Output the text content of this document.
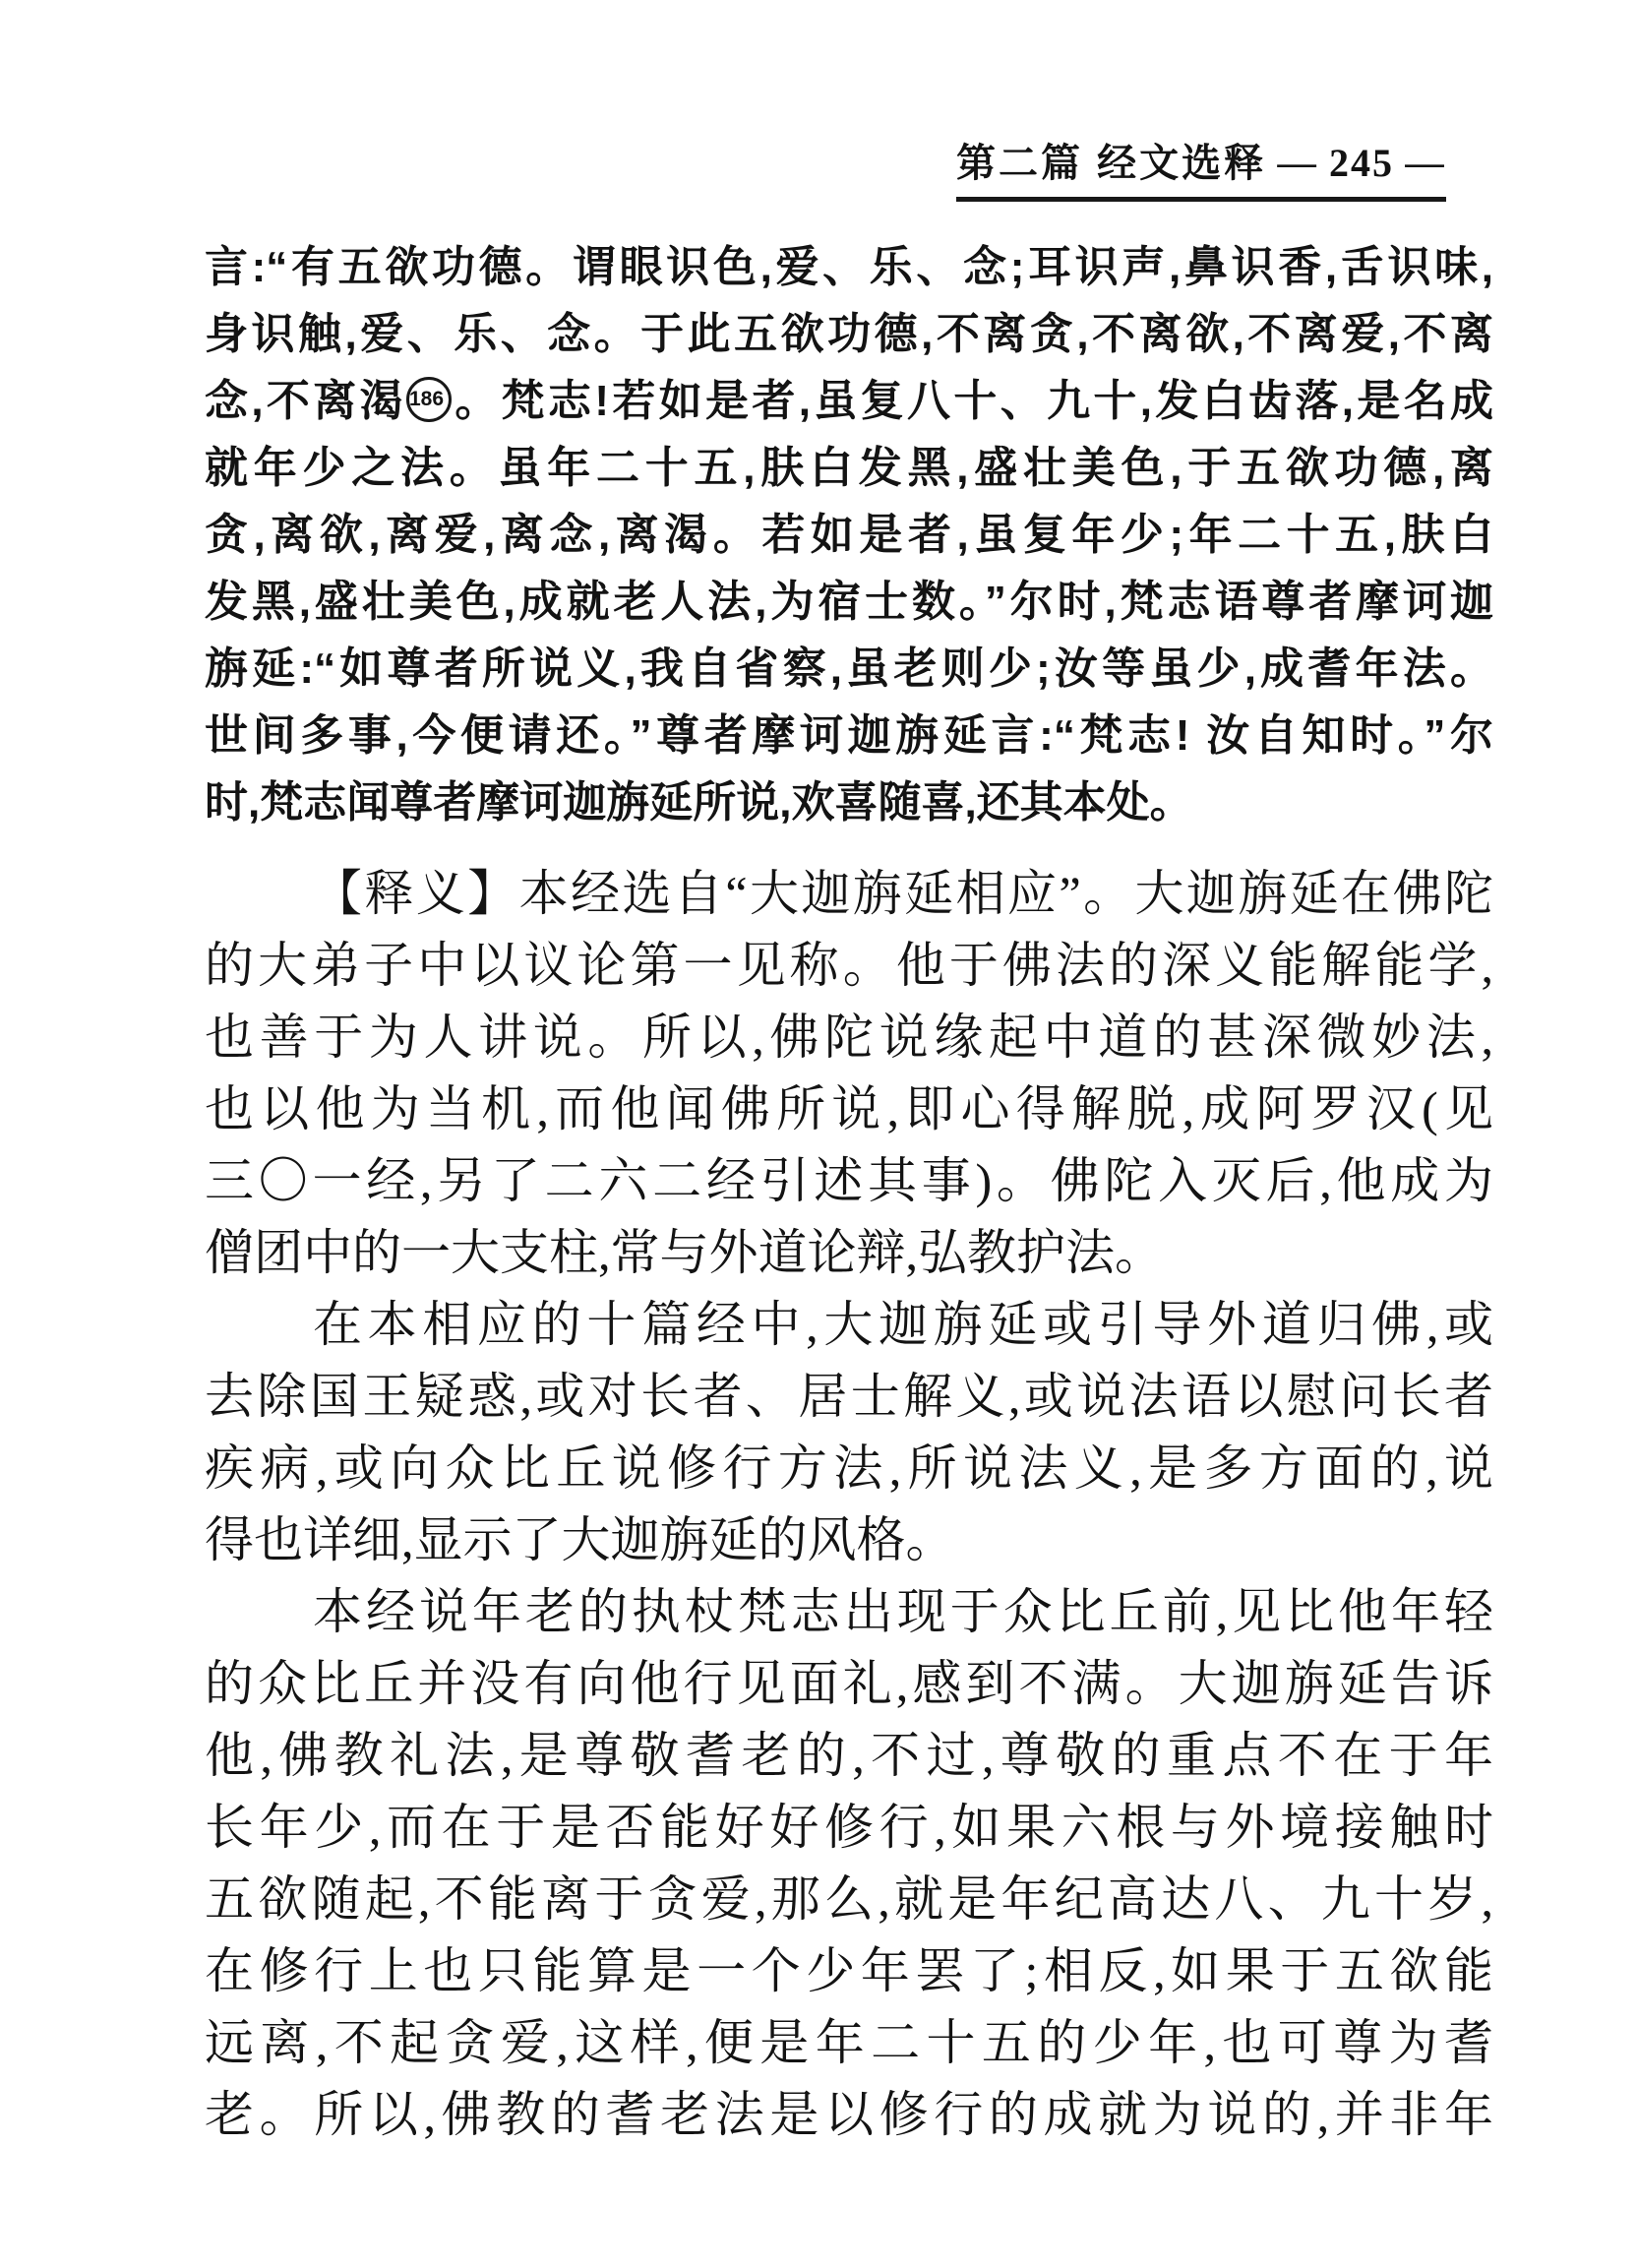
第二篇 经文选释 — 245 —
言:“有五欲功德。谓眼识色,爱、乐、念;耳识声,鼻识香,舌识味,
身识触,爱、乐、念。于此五欲功德,不离贪,不离欲,不离爱,不离
念,不离渴 186 。梵志!若如是者,虽复八十、九十,发白齿落,是名成
就年少之法。虽年二十五,肤白发黑,盛壮美色,于五欲功德,离
贪,离欲,离爱,离念,离渴。若如是者,虽复年少;年二十五,肤白
发黑,盛壮美色,成就老人法,为宿士数。”尔时,梵志语尊者摩诃迦
旃延:“如尊者所说义,我自省察,虽老则少;汝等虽少,成耆年法。
世间多事,今便请还。”尊者摩诃迦旃延言:“梵志! 汝自知时。”尔
时,梵志闻尊者摩诃迦旃延所说,欢喜随喜,还其本处。
【释义】本经选自“大迦旃延相应”。大迦旃延在佛陀
的大弟子中以议论第一见称。他于佛法的深义能解能学,
也善于为人讲说。所以,佛陀说缘起中道的甚深微妙法,
也以他为当机,而他闻佛所说,即心得解脱,成阿罗汉(见
三〇一经,另了二六二经引述其事)。佛陀入灭后,他成为
僧团中的一大支柱,常与外道论辩,弘教护法。
在本相应的十篇经中,大迦旃延或引导外道归佛,或
去除国王疑惑,或对长者、居士解义,或说法语以慰问长者
疾病,或向众比丘说修行方法,所说法义,是多方面的,说
得也详细,显示了大迦旃延的风格。
本经说年老的执杖梵志出现于众比丘前,见比他年轻
的众比丘并没有向他行见面礼,感到不满。大迦旃延告诉
他,佛教礼法,是尊敬耆老的,不过,尊敬的重点不在于年
长年少,而在于是否能好好修行,如果六根与外境接触时
五欲随起,不能离于贪爱,那么,就是年纪高达八、九十岁,
在修行上也只能算是一个少年罢了;相反,如果于五欲能
远离,不起贪爱,这样,便是年二十五的少年,也可尊为耆
老。所以,佛教的耆老法是以修行的成就为说的,并非年
